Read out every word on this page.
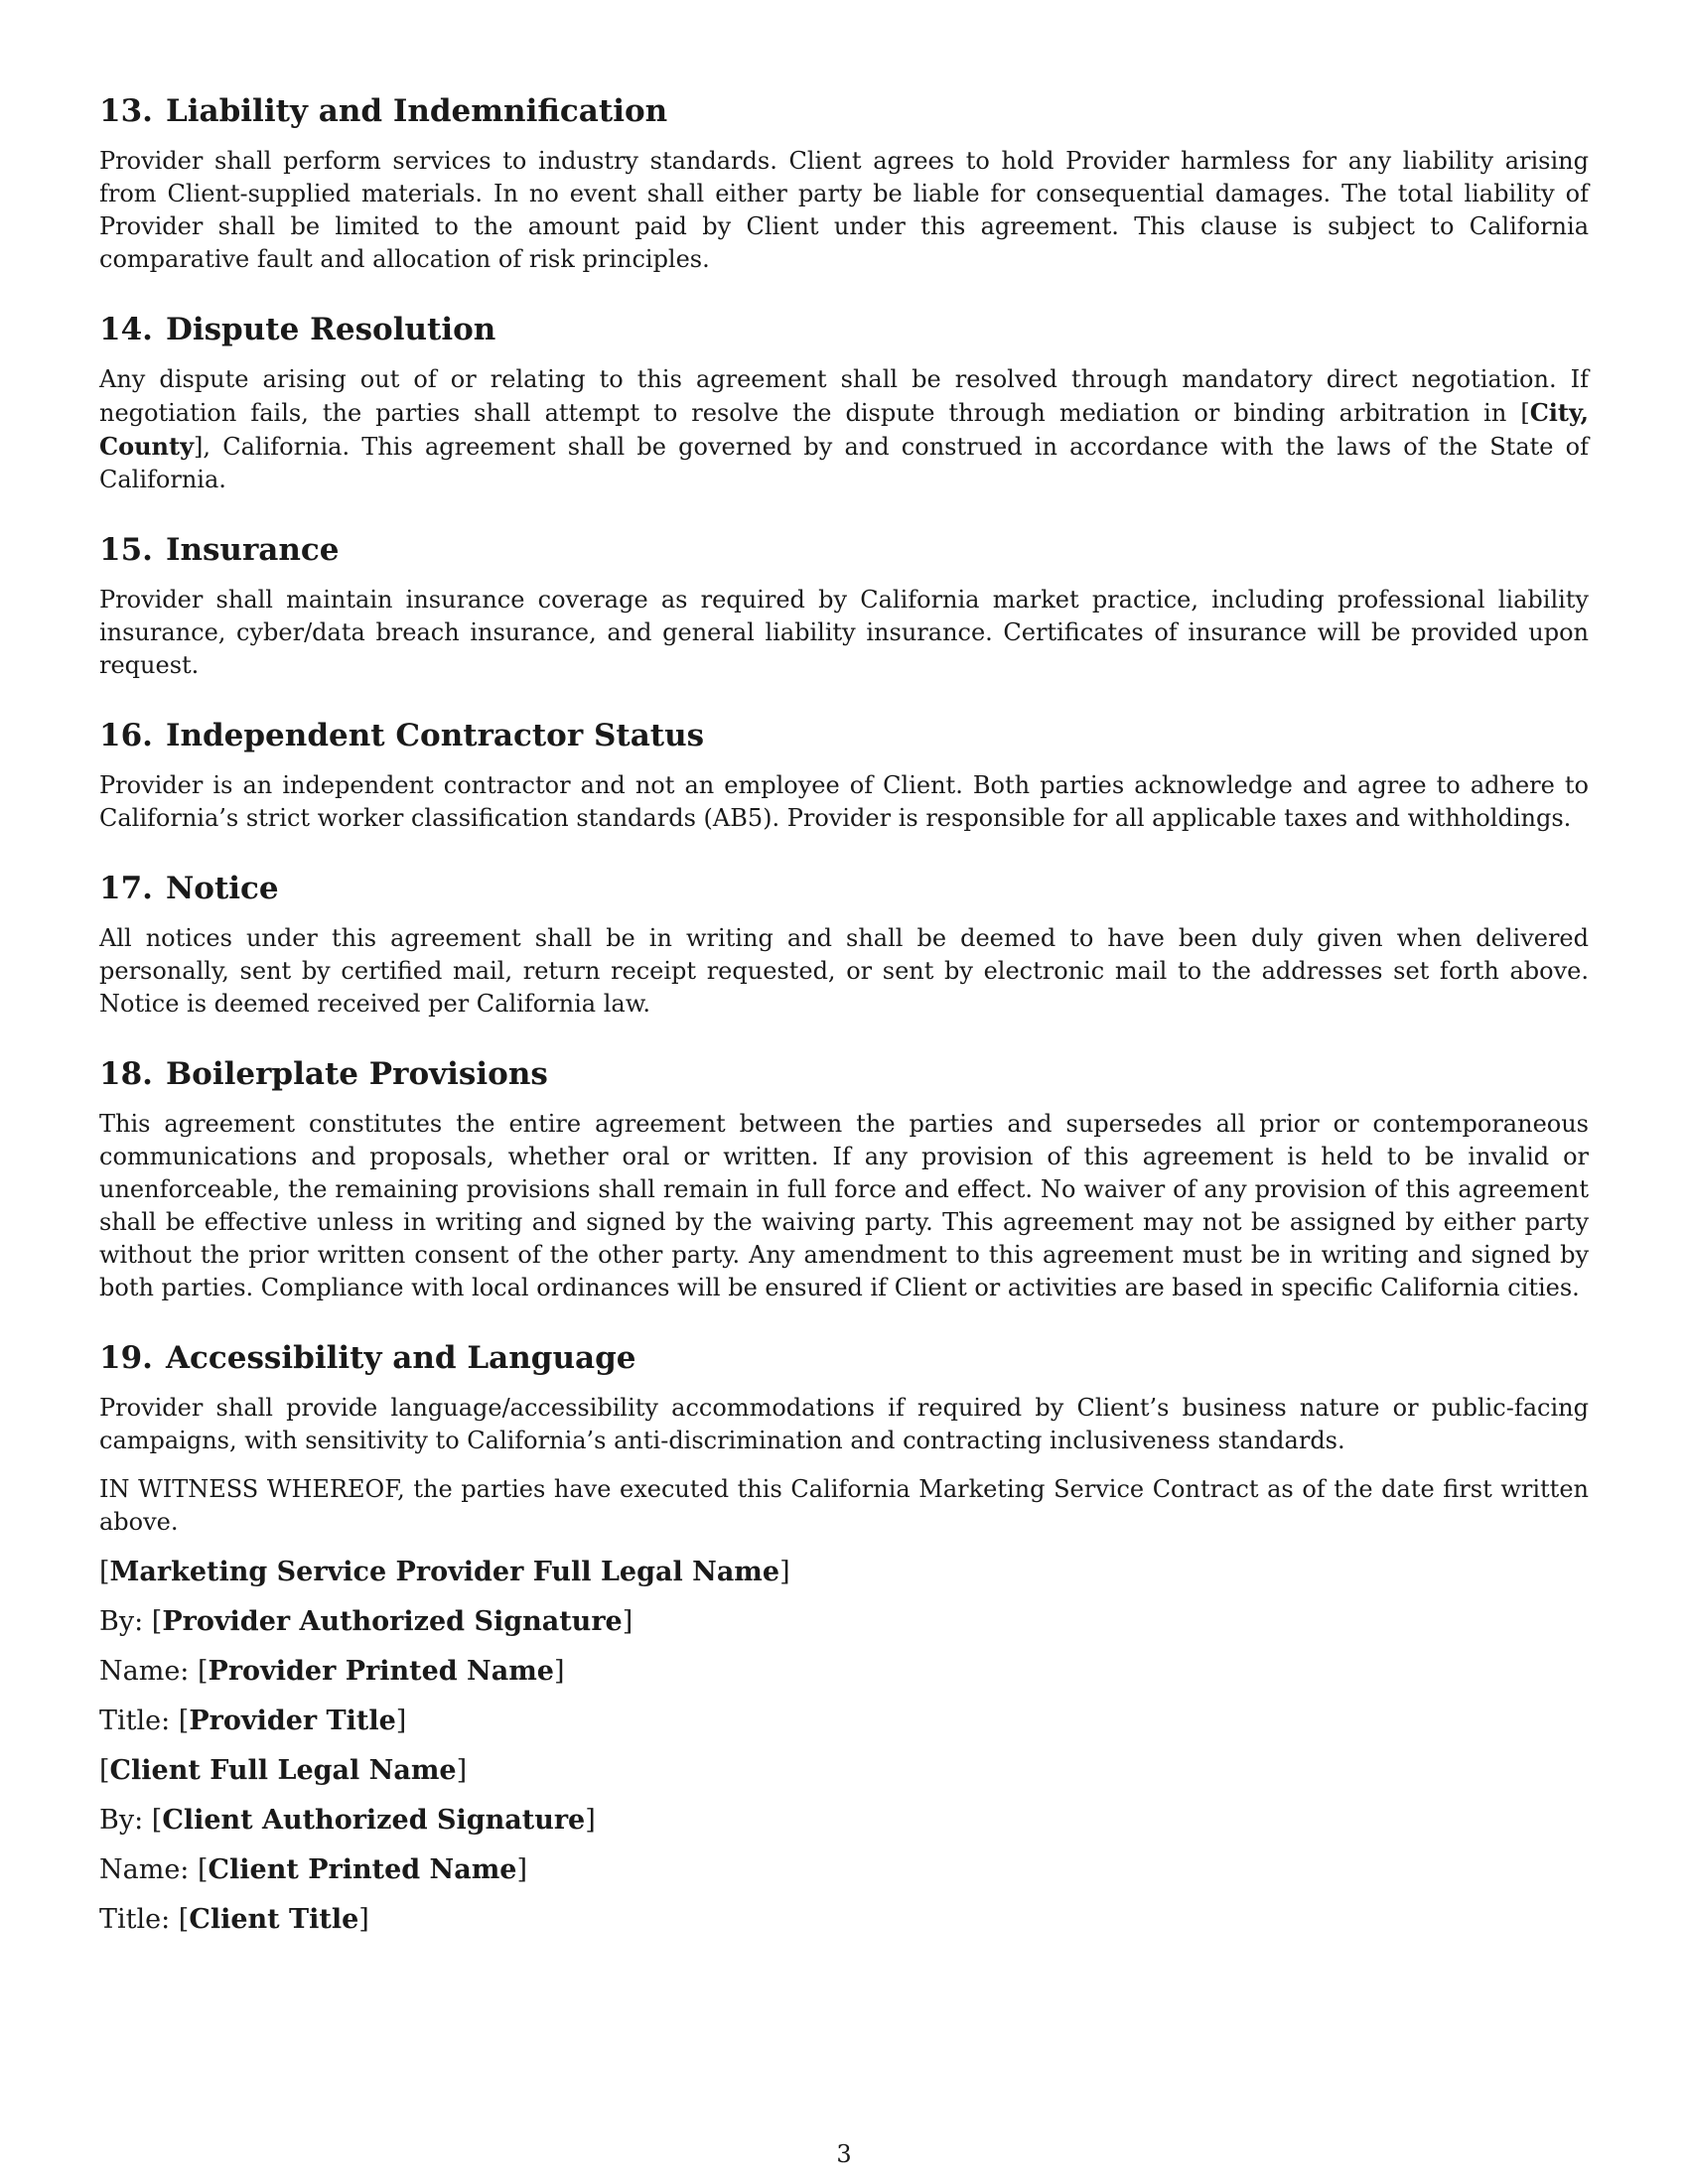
13. Liability and Indemnification

Provider shall perform services to industry standards. Client agrees to hold Provider harmless for any liability arising from Client-supplied materials. In no event shall either party be liable for consequential damages. The total liability of Provider shall be limited to the amount paid by Client under this agreement. This clause is subject to California comparative fault and allocation of risk principles.

14. Dispute Resolution

Any dispute arising out of or relating to this agreement shall be resolved through mandatory direct negotiation. If negotiation fails, the parties shall attempt to resolve the dispute through mediation or binding arbitration in [City, County], California. This agreement shall be governed by and construed in accordance with the laws of the State of California.

15. Insurance

Provider shall maintain insurance coverage as required by California market practice, including professional liability insurance, cyber/data breach insurance, and general liability insurance. Certificates of insurance will be provided upon request.

16. Independent Contractor Status

Provider is an independent contractor and not an employee of Client. Both parties acknowledge and agree to adhere to California’s strict worker classification standards (AB5). Provider is responsible for all applicable taxes and withholdings.

17. Notice

All notices under this agreement shall be in writing and shall be deemed to have been duly given when delivered personally, sent by certified mail, return receipt requested, or sent by electronic mail to the addresses set forth above. Notice is deemed received per California law.

18. Boilerplate Provisions

This agreement constitutes the entire agreement between the parties and supersedes all prior or contemporaneous communications and proposals, whether oral or written. If any provision of this agreement is held to be invalid or unenforceable, the remaining provisions shall remain in full force and effect. No waiver of any provision of this agreement shall be effective unless in writing and signed by the waiving party. This agreement may not be assigned by either party without the prior written consent of the other party. Any amendment to this agreement must be in writing and signed by both parties. Compliance with local ordinances will be ensured if Client or activities are based in specific California cities.

19. Accessibility and Language

Provider shall provide language/accessibility accommodations if required by Client’s business nature or public-facing campaigns, with sensitivity to California’s anti-discrimination and contracting inclusiveness standards.

IN WITNESS WHEREOF, the parties have executed this California Marketing Service Contract as of the date first written above.

[Marketing Service Provider Full Legal Name]
By: [Provider Authorized Signature]
Name: [Provider Printed Name]
Title: [Provider Title]
[Client Full Legal Name]
By: [Client Authorized Signature]
Name: [Client Printed Name]
Title: [Client Title]
3
